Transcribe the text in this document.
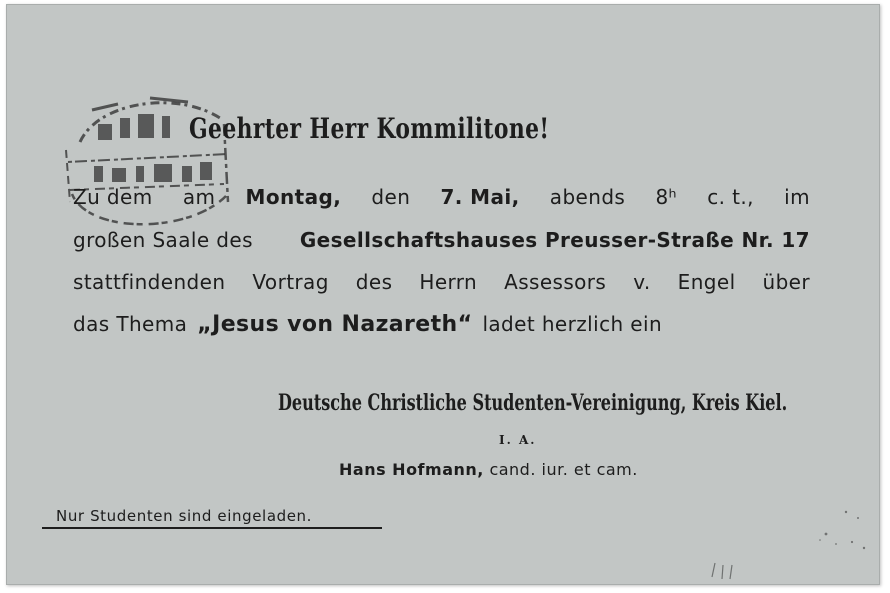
Geehrter Herr Kommilitone!
Zu dem am Montag, den 7. Mai, abends 8ʰ c. t., im
großen Saale des Gesellschaftshauses Preusser-Straße Nr. 17
stattfindenden Vortrag des Herrn Assessors v. Engel über
das Thema „Jesus von Nazareth“ ladet herzlich ein
Deutsche Christliche Studenten-Vereinigung, Kreis Kiel.
I. A.
Hans Hofmann, cand. iur. et cam.
Nur Studenten sind eingeladen.
